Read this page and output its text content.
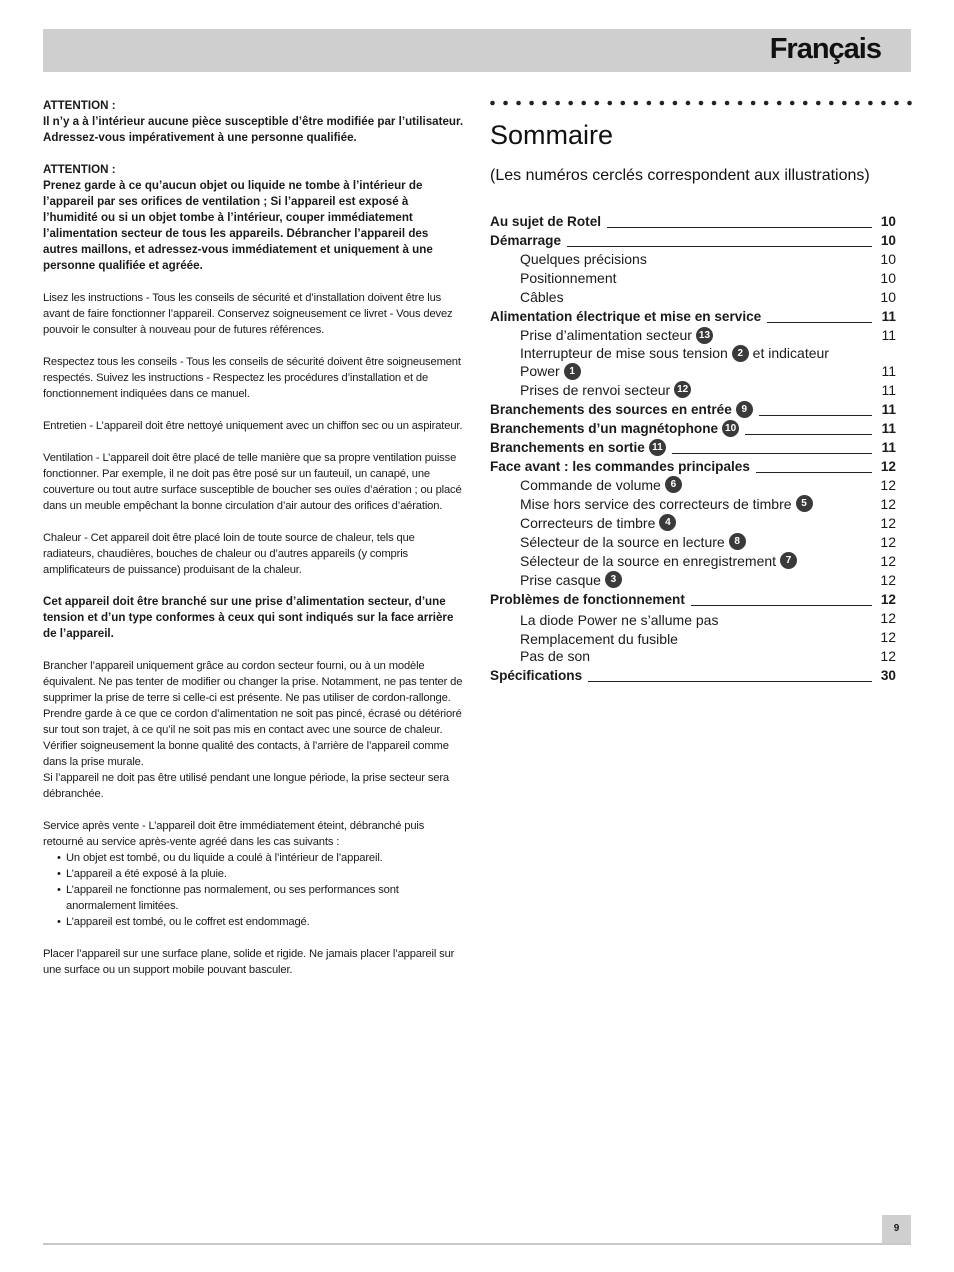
Français

ATTENTION :
Il n’y a à l’intérieur aucune pièce susceptible d’être modifiée par l’utilisateur. Adressez-vous impérativement à une personne qualifiée.

ATTENTION :
Prenez garde à ce qu’aucun objet ou liquide ne tombe à l’intérieur de l’appareil par ses orifices de ventilation ; Si l’appareil est exposé à l’humidité ou si un objet tombe à l’intérieur, couper immédiatement l’alimentation secteur de tous les appareils. Débrancher l’appareil des autres maillons, et adressez-vous immédiatement et uniquement à une personne qualifiée et agréée.

Lisez les instructions - Tous les conseils de sécurité et d’installation doivent être lus avant de faire fonctionner l’appareil. Conservez soigneusement ce livret - Vous devez pouvoir le consulter à nouveau pour de futures références.

Respectez tous les conseils - Tous les conseils de sécurité doivent être soigneusement respectés. Suivez les instructions - Respectez les procédures d’installation et de fonctionnement indiquées dans ce manuel.

Entretien - L’appareil doit être nettoyé uniquement avec un chiffon sec ou un aspirateur.

Ventilation - L’appareil doit être placé de telle manière que sa propre ventilation puisse fonctionner. Par exemple, il ne doit pas être posé sur un fauteuil, un canapé, une couverture ou tout autre surface susceptible de boucher ses ouïes d’aération ; ou placé dans un meuble empêchant la bonne circulation d’air autour des orifices d’aération.

Chaleur - Cet appareil doit être placé loin de toute source de chaleur, tels que radiateurs, chaudières, bouches de chaleur ou d’autres appareils (y compris amplificateurs de puissance) produisant de la chaleur.

Cet appareil doit être branché sur une prise d’alimentation secteur, d’une tension et d’un type conformes à ceux qui sont indiqués sur la face arrière de l’appareil.

Brancher l’appareil uniquement grâce au cordon secteur fourni, ou à un modèle équivalent. Ne pas tenter de modifier ou changer la prise. Notamment, ne pas tenter de supprimer la prise de terre si celle-ci est présente. Ne pas utiliser de cordon-rallonge.
Prendre garde à ce que ce cordon d’alimentation ne soit pas pincé, écrasé ou détérioré sur tout son trajet, à ce qu’il ne soit pas mis en contact avec une source de chaleur. Vérifier soigneusement la bonne qualité des contacts, à l’arrière de l’appareil comme dans la prise murale.
Si l’appareil ne doit pas être utilisé pendant une longue période, la prise secteur sera débranchée.

Service après vente - L’appareil doit être immédiatement éteint, débranché puis retourné au service après-vente agréé dans les cas suivants :
• Un objet est tombé, ou du liquide a coulé à l’intérieur de l’appareil.
• L’appareil a été exposé à la pluie.
• L’appareil ne fonctionne pas normalement, ou ses performances sont anormalement limitées.
• L’appareil est tombé, ou le coffret est endommagé.

Placer l’appareil sur une surface plane, solide et rigide. Ne jamais placer l’appareil sur une surface ou un support mobile pouvant basculer.

Sommaire
(Les numéros cerclés correspondent aux illustrations)
Au sujet de Rotel	10
Démarrage	10
Quelques précisions	10
Positionnement	10
Câbles	10
Alimentation électrique et mise en service	11
Prise d’alimentation secteur 13	11
Interrupteur de mise sous tension 2 et indicateur
Power 1	11
Prises de renvoi secteur 12	11
Branchements des sources en entrée 9	11
Branchements d’un magnétophone 10	11
Branchements en sortie 11	11
Face avant : les commandes principales	12
Commande de volume 6	12
Mise hors service des correcteurs de timbre 5	12
Correcteurs de timbre 4	12
Sélecteur de la source en lecture 8	12
Sélecteur de la source en enregistrement 7	12
Prise casque 3	12
Problèmes de fonctionnement	12
La diode Power ne s’allume pas	12
Remplacement du fusible	12
Pas de son	12
Spécifications	30
9
